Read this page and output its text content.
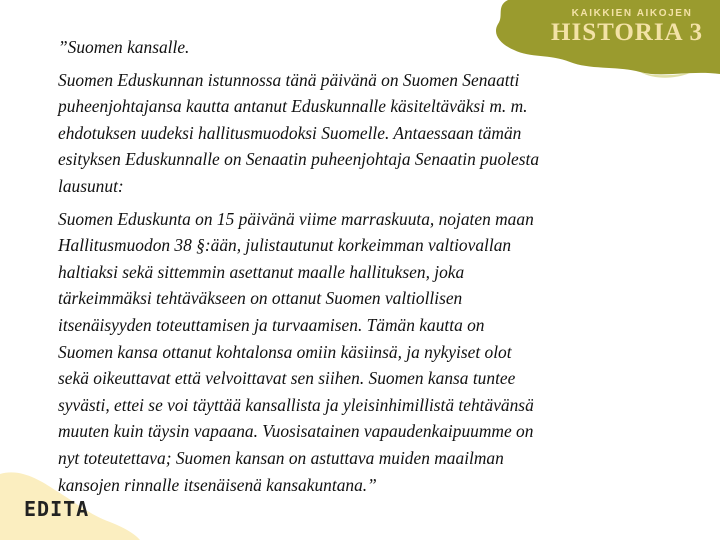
KAIKKIEN AIKOJEN
HISTORIA 3
EDITA

”Suomen kansalle.

Suomen Eduskunnan istunnossa tänä päivänä on Suomen Senaatti
puheenjohtajansa kautta antanut Eduskunnalle käsiteltäväksi m. m.
ehdotuksen uudeksi hallitusmuodoksi Suomelle. Antaessaan tämän
esityksen Eduskunnalle on Senaatin puheenjohtaja Senaatin puolesta
lausunut:

Suomen Eduskunta on 15 päivänä viime marraskuuta, nojaten maan
Hallitusmuodon 38 §:ään, julistautunut korkeimman valtiovallan
haltiaksi sekä sittemmin asettanut maalle hallituksen, joka
tärkeimmäksi tehtäväkseen on ottanut Suomen valtiollisen
itsenäisyyden toteuttamisen ja turvaamisen. Tämän kautta on
Suomen kansa ottanut kohtalonsa omiin käsiinsä, ja nykyiset olot
sekä oikeuttavat että velvoittavat sen siihen. Suomen kansa tuntee
syvästi, ettei se voi täyttää kansallista ja yleisinhimillistä tehtävänsä
muuten kuin täysin vapaana. Vuosisatainen vapaudenkaipuumme on
nyt toteutettava; Suomen kansan on astuttava muiden maailman
kansojen rinnalle itsenäisenä kansakuntana.”
